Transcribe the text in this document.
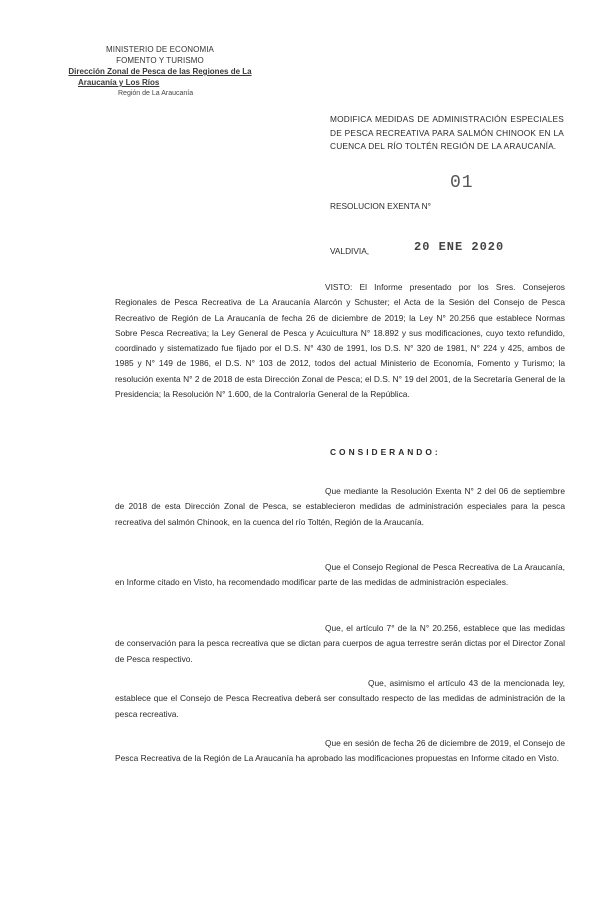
MINISTERIO DE ECONOMIA
FOMENTO Y TURISMO
Dirección Zonal de Pesca de las Regiones de La
Araucanía y Los Ríos
Región de La Araucanía
MODIFICA MEDIDAS DE ADMINISTRACIÓN ESPECIALES DE PESCA RECREATIVA PARA SALMÓN CHINOOK EN LA CUENCA DEL RÍO TOLTÉN REGIÓN DE LA ARAUCANÍA.
RESOLUCION EXENTA N°
01
VALDIVIA,	20 ENE 2020
VISTO: El Informe presentado por los Sres. Consejeros Regionales de Pesca Recreativa de La Araucanía Alarcón y Schuster; el Acta de la Sesión del Consejo de Pesca Recreativo de Región de La Araucanía de fecha 26 de diciembre de 2019; la Ley N° 20.256 que establece Normas Sobre Pesca Recreativa; la Ley General de Pesca y Acuicultura N° 18.892 y sus modificaciones, cuyo texto refundido, coordinado y sistematizado fue fijado por el D.S. N° 430 de 1991, los D.S. N° 320 de 1981, N° 224 y 425, ambos de 1985 y N° 149 de 1986, el D.S. N° 103 de 2012, todos del actual Ministerio de Economía, Fomento y Turismo; la resolución exenta N° 2 de 2018 de esta Dirección Zonal de Pesca; el D.S. N° 19 del 2001, de la Secretaría General de la Presidencia; la Resolución N° 1.600, de la Contraloría General de la República.
CONSIDERANDO:
Que mediante la Resolución Exenta N° 2 del 06 de septiembre de 2018 de esta Dirección Zonal de Pesca, se establecieron medidas de administración especiales para la pesca recreativa del salmón Chinook, en la cuenca del río Toltén, Región de la Araucanía.
Que el Consejo Regional de Pesca Recreativa de La Araucanía, en Informe citado en Visto, ha recomendado modificar parte de las medidas de administración especiales.
Que, el artículo 7° de la N° 20.256, establece que las medidas de conservación para la pesca recreativa que se dictan para cuerpos de agua terrestre serán dictas por el Director Zonal de Pesca respectivo.
Que, asimismo el artículo 43 de la mencionada ley, establece que el Consejo de Pesca Recreativa deberá ser consultado respecto de las medidas de administración de la pesca recreativa.
Que en sesión de fecha 26 de diciembre de 2019, el Consejo de Pesca Recreativa de la Región de La Araucanía ha aprobado las modificaciones propuestas en Informe citado en Visto.
